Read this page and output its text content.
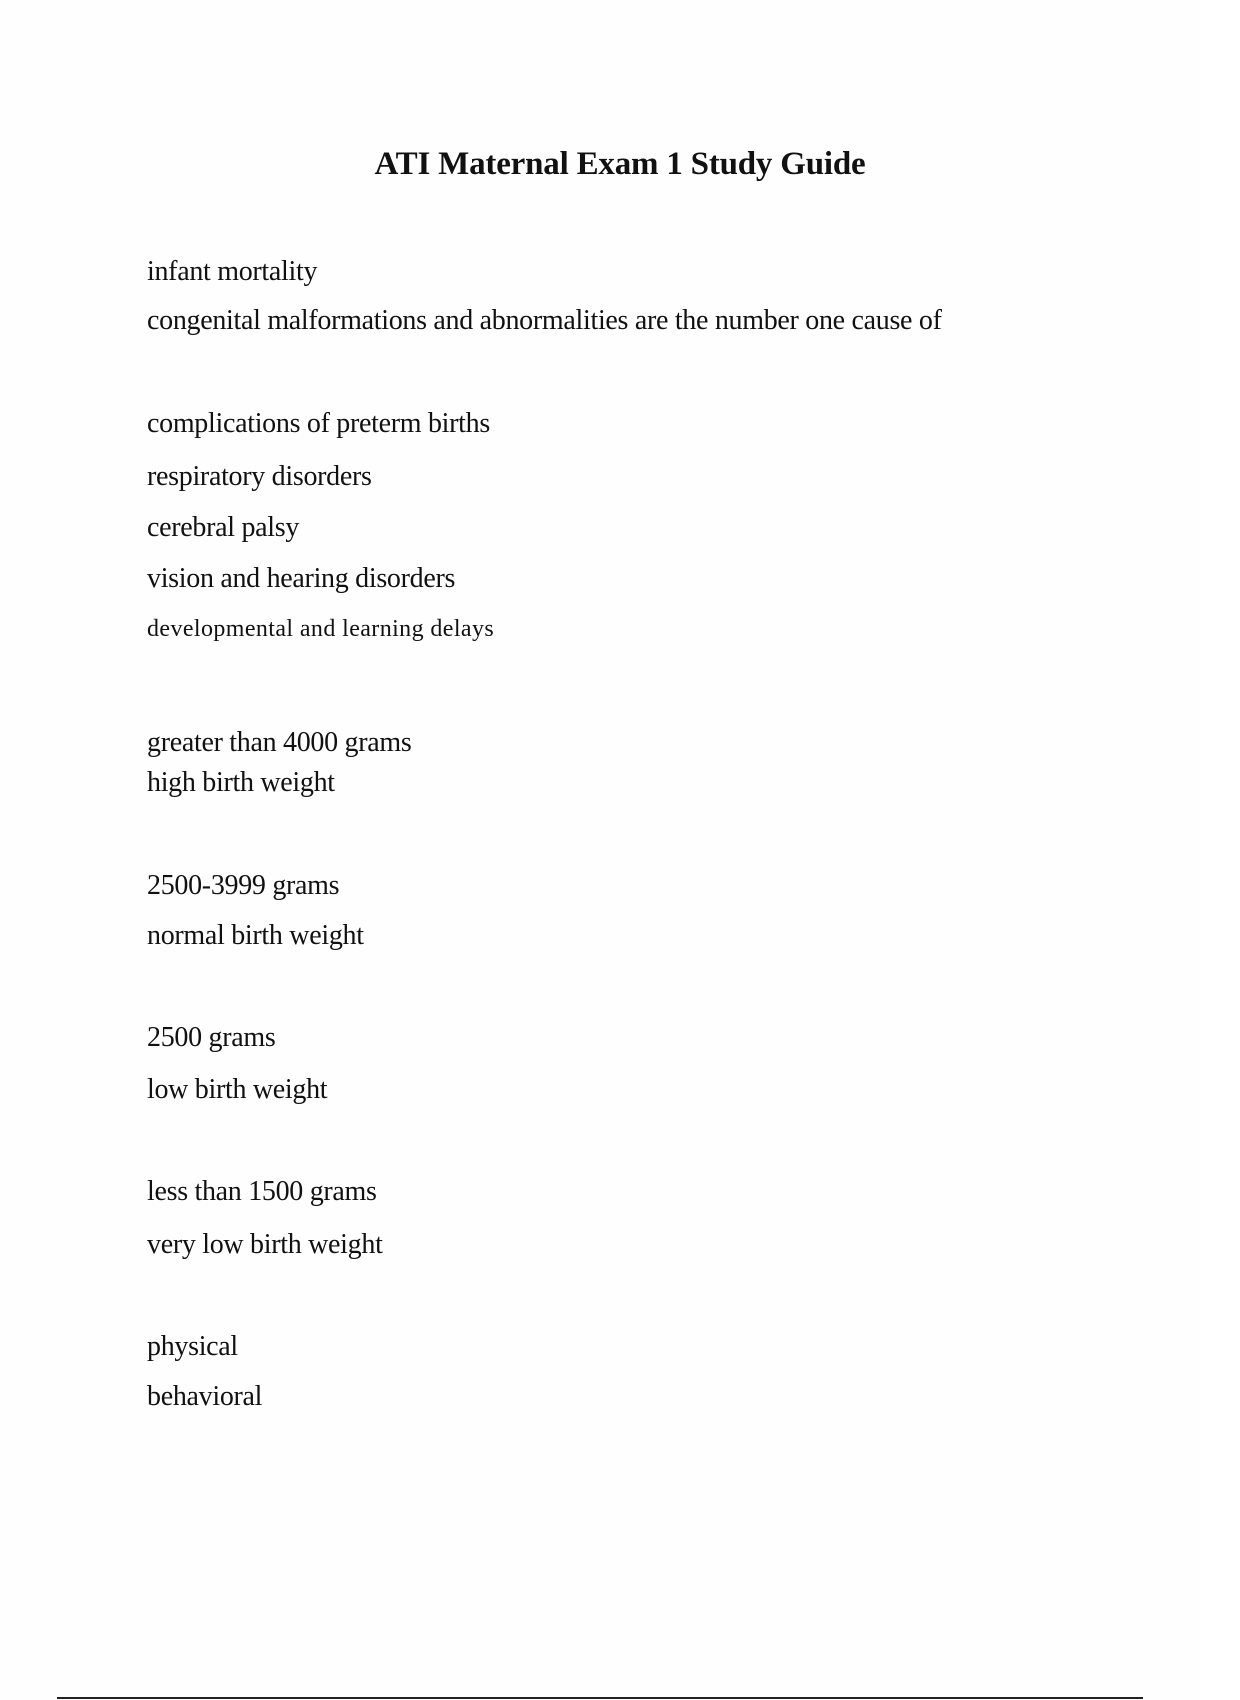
ATI Maternal Exam 1 Study Guide
infant mortality
congenital malformations and abnormalities are the number one cause of
complications of preterm births
respiratory disorders
cerebral palsy
vision and hearing disorders
developmental and learning delays
greater than 4000 grams
high birth weight
2500-3999 grams
normal birth weight
2500 grams
low birth weight
less than 1500 grams
very low birth weight
physical
behavioral
